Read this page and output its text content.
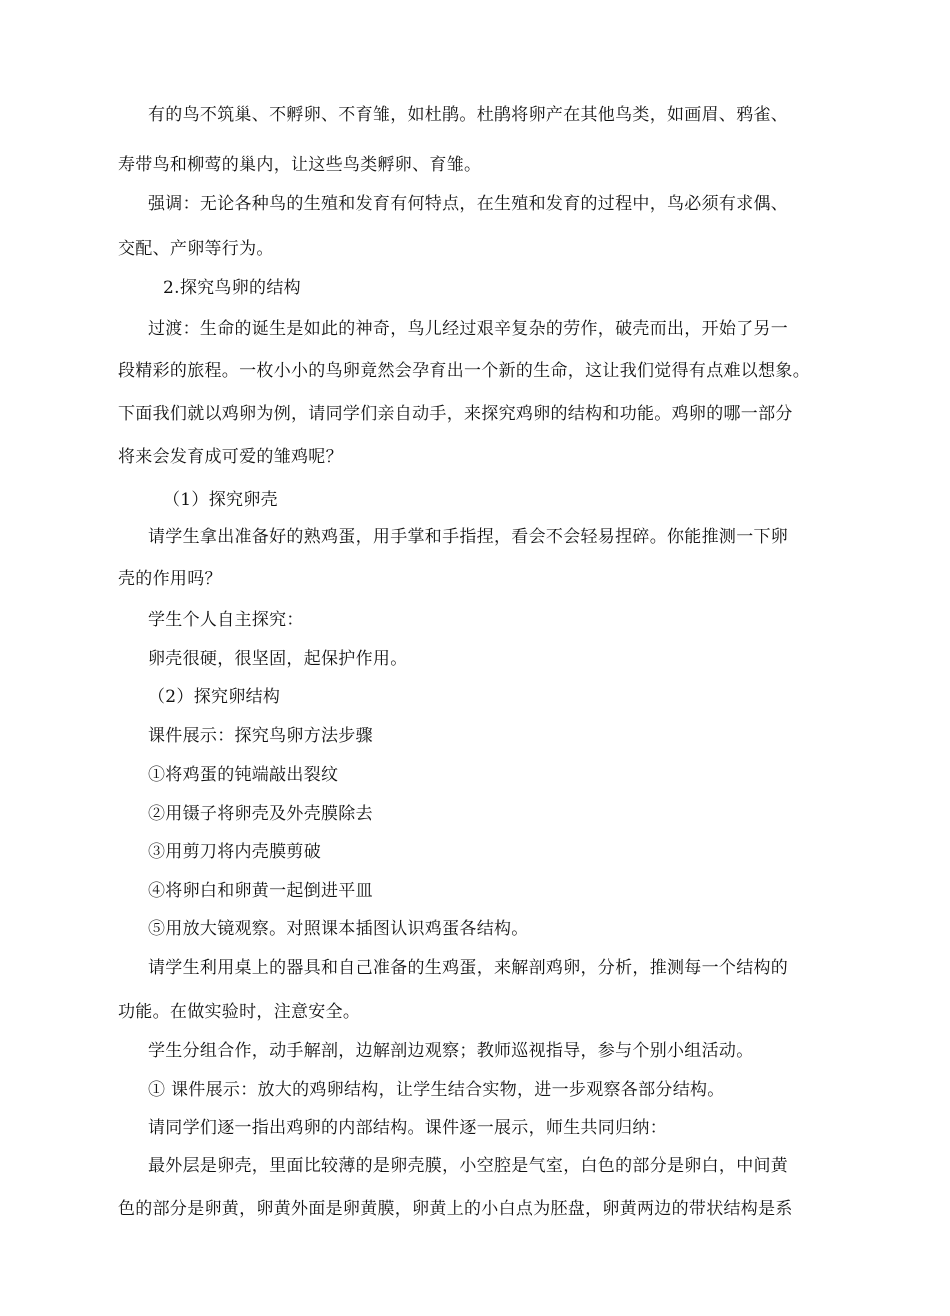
有的鸟不筑巢、不孵卵、不育雏，如杜鹃。杜鹃将卵产在其他鸟类，如画眉、鸦雀、
寿带鸟和柳莺的巢内，让这些鸟类孵卵、育雏。
强调：无论各种鸟的生殖和发育有何特点，在生殖和发育的过程中，鸟必须有求偶、
交配、产卵等行为。
2.探究鸟卵的结构
过渡：生命的诞生是如此的神奇，鸟儿经过艰辛复杂的劳作，破壳而出，开始了另一
段精彩的旅程。一枚小小的鸟卵竟然会孕育出一个新的生命，这让我们觉得有点难以想象。
下面我们就以鸡卵为例，请同学们亲自动手，来探究鸡卵的结构和功能。鸡卵的哪一部分
将来会发育成可爱的雏鸡呢？
（1）探究卵壳
请学生拿出准备好的熟鸡蛋，用手掌和手指捏，看会不会轻易捏碎。你能推测一下卵
壳的作用吗？
学生个人自主探究：
卵壳很硬，很坚固，起保护作用。
（2）探究卵结构
课件展示：探究鸟卵方法步骤
①将鸡蛋的钝端敲出裂纹
②用镊子将卵壳及外壳膜除去
③用剪刀将内壳膜剪破
④将卵白和卵黄一起倒进平皿
⑤用放大镜观察。对照课本插图认识鸡蛋各结构。
请学生利用桌上的器具和自己准备的生鸡蛋，来解剖鸡卵，分析，推测每一个结构的
功能。在做实验时，注意安全。
学生分组合作，动手解剖，边解剖边观察；教师巡视指导，参与个别小组活动。
① 课件展示：放大的鸡卵结构，让学生结合实物，进一步观察各部分结构。
请同学们逐一指出鸡卵的内部结构。课件逐一展示，师生共同归纳：
最外层是卵壳，里面比较薄的是卵壳膜，小空腔是气室，白色的部分是卵白，中间黄
色的部分是卵黄，卵黄外面是卵黄膜，卵黄上的小白点为胚盘，卵黄两边的带状结构是系
